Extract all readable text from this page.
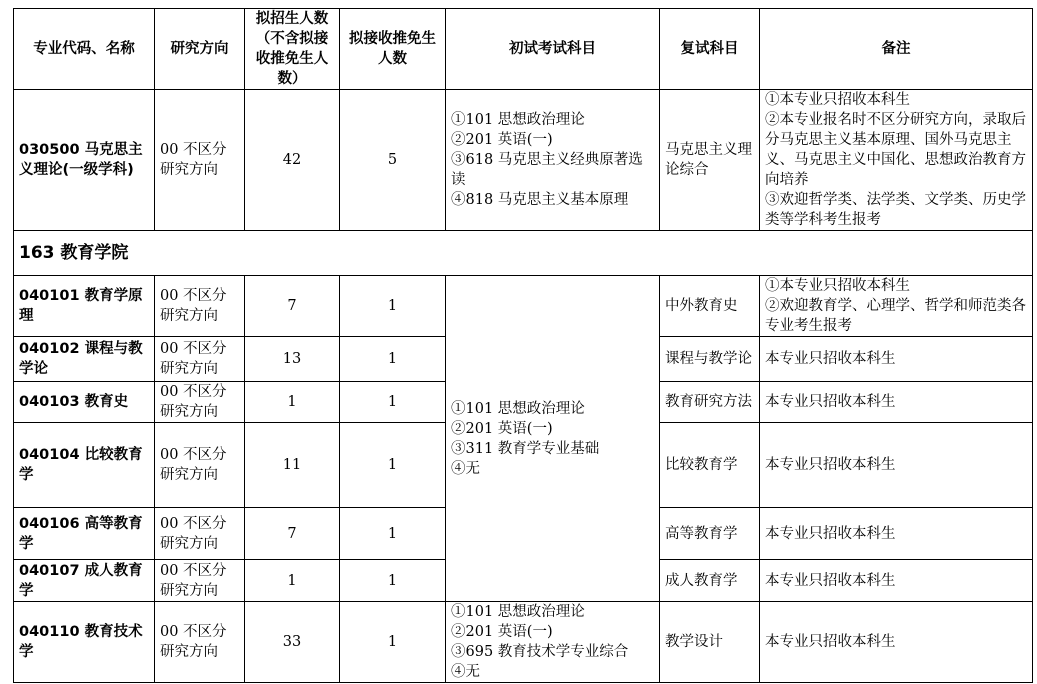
专业代码、名称	研究方向	拟招生人数（不含拟接收推免生人数）	拟接收推免生人数	初试考试科目	复试科目	备注
030500 马克思主义理论(一级学科)	00 不区分研究方向	42	5	①101 思想政治理论
②201 英语(一)
③618 马克思主义经典原著选读
④818 马克思主义基本原理	马克思主义理论综合	①本专业只招收本科生
②本专业报名时不区分研究方向，录取后分马克思主义基本原理、国外马克思主义、马克思主义中国化、思想政治教育方向培养
③欢迎哲学类、法学类、文学类、历史学类等学科考生报考

163 教育学院						
040101 教育学原理	00 不区分研究方向	7	1	①101 思想政治理论
②201 英语(一)
③311 教育学专业基础
④无	中外教育史	①本专业只招收本科生
②欢迎教育学、心理学、哲学和师范类各专业考生报考

040102 课程与教学论	00 不区分研究方向	13	1		课程与教学论	本专业只招收本科生
040103 教育史	00 不区分研究方向	1	1		教育研究方法	本专业只招收本科生
040104 比较教育学	00 不区分研究方向	11	1		比较教育学	本专业只招收本科生
040106 高等教育学	00 不区分研究方向	7	1		高等教育学	本专业只招收本科生
040107 成人教育学	00 不区分研究方向	1	1		成人教育学	本专业只招收本科生
040110 教育技术学	00 不区分研究方向	33	1	①101 思想政治理论
②201 英语(一)
③695 教育技术学专业综合
④无	教学设计	本专业只招收本科生
